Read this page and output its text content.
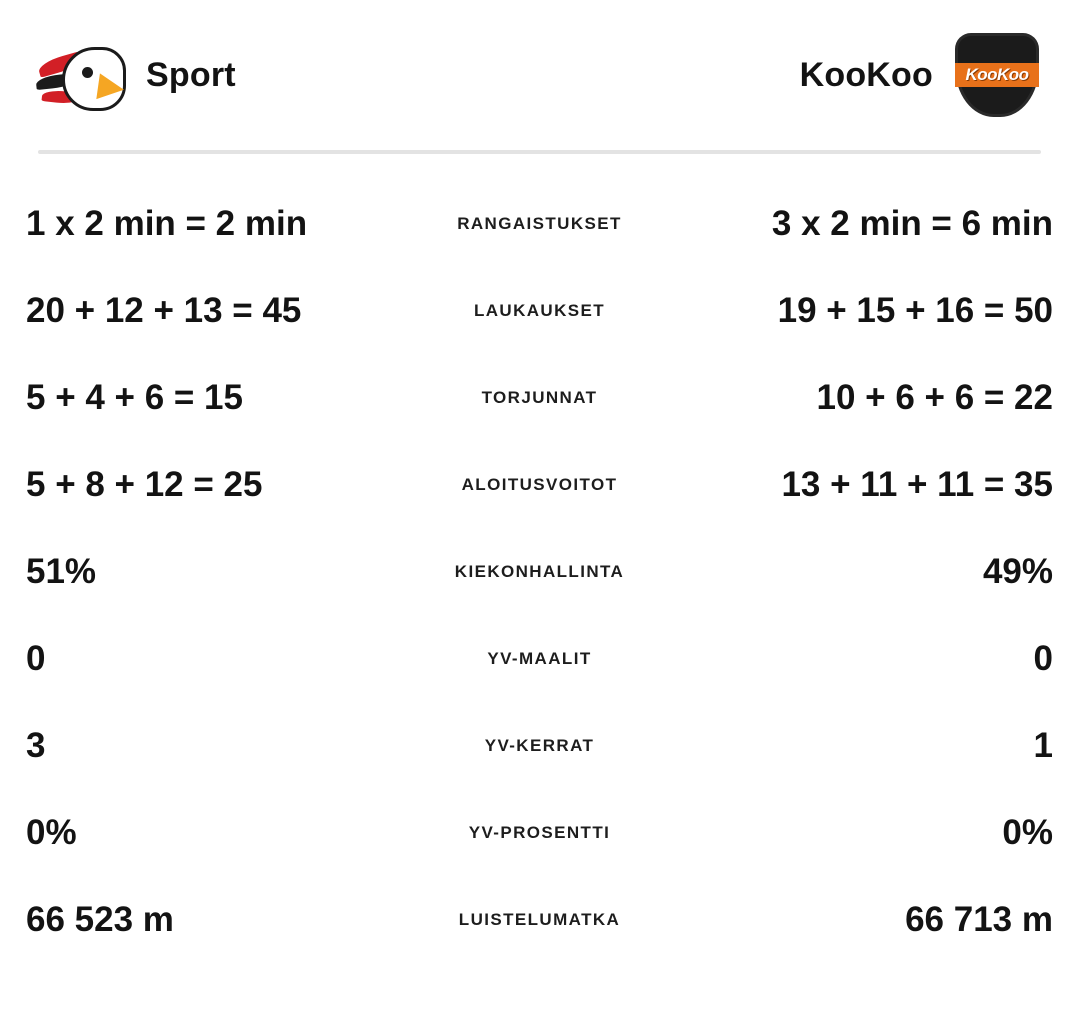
Sport	KooKoo	KooKoo
1 x 2 min = 2 min	RANGAISTUKSET	3 x 2 min = 6 min
20 + 12 + 13 = 45	LAUKAUKSET	19 + 15 + 16 = 50
5 + 4 + 6 = 15	TORJUNNAT	10 + 6 + 6 = 22
5 + 8 + 12 = 25	ALOITUSVOITOT	13 + 11 + 11 = 35
51%	KIEKONHALLINTA	49%
0	YV-MAALIT	0
3	YV-KERRAT	1
0%	YV-PROSENTTI	0%
66 523 m	LUISTELUMATKA	66 713 m
